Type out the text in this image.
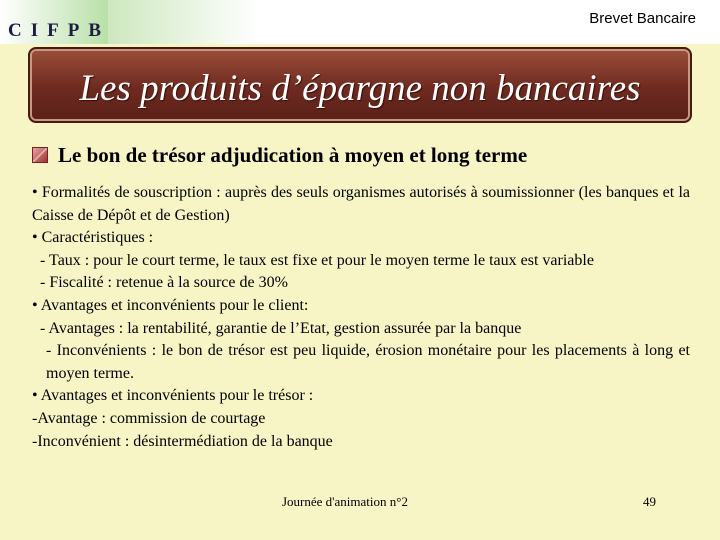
CIFPB
Brevet Bancaire
Les produits d’épargne non bancaires
Le bon de trésor adjudication à moyen et long terme

• Formalités de souscription : auprès des seuls organismes autorisés à soumissionner (les banques et la Caisse de Dépôt et de Gestion)

• Caractéristiques :

- Taux : pour le court terme, le taux est fixe et pour le moyen terme le taux est variable

- Fiscalité : retenue à la source de 30%

• Avantages et inconvénients pour le client:

- Avantages : la rentabilité, garantie de l’Etat, gestion assurée par la banque

- Inconvénients : le bon de trésor est peu liquide, érosion monétaire pour les placements à long et moyen terme.

• Avantages et inconvénients pour le trésor :

-Avantage : commission de courtage

-Inconvénient : désintermédiation de la banque

Journée d'animation n°2	49
